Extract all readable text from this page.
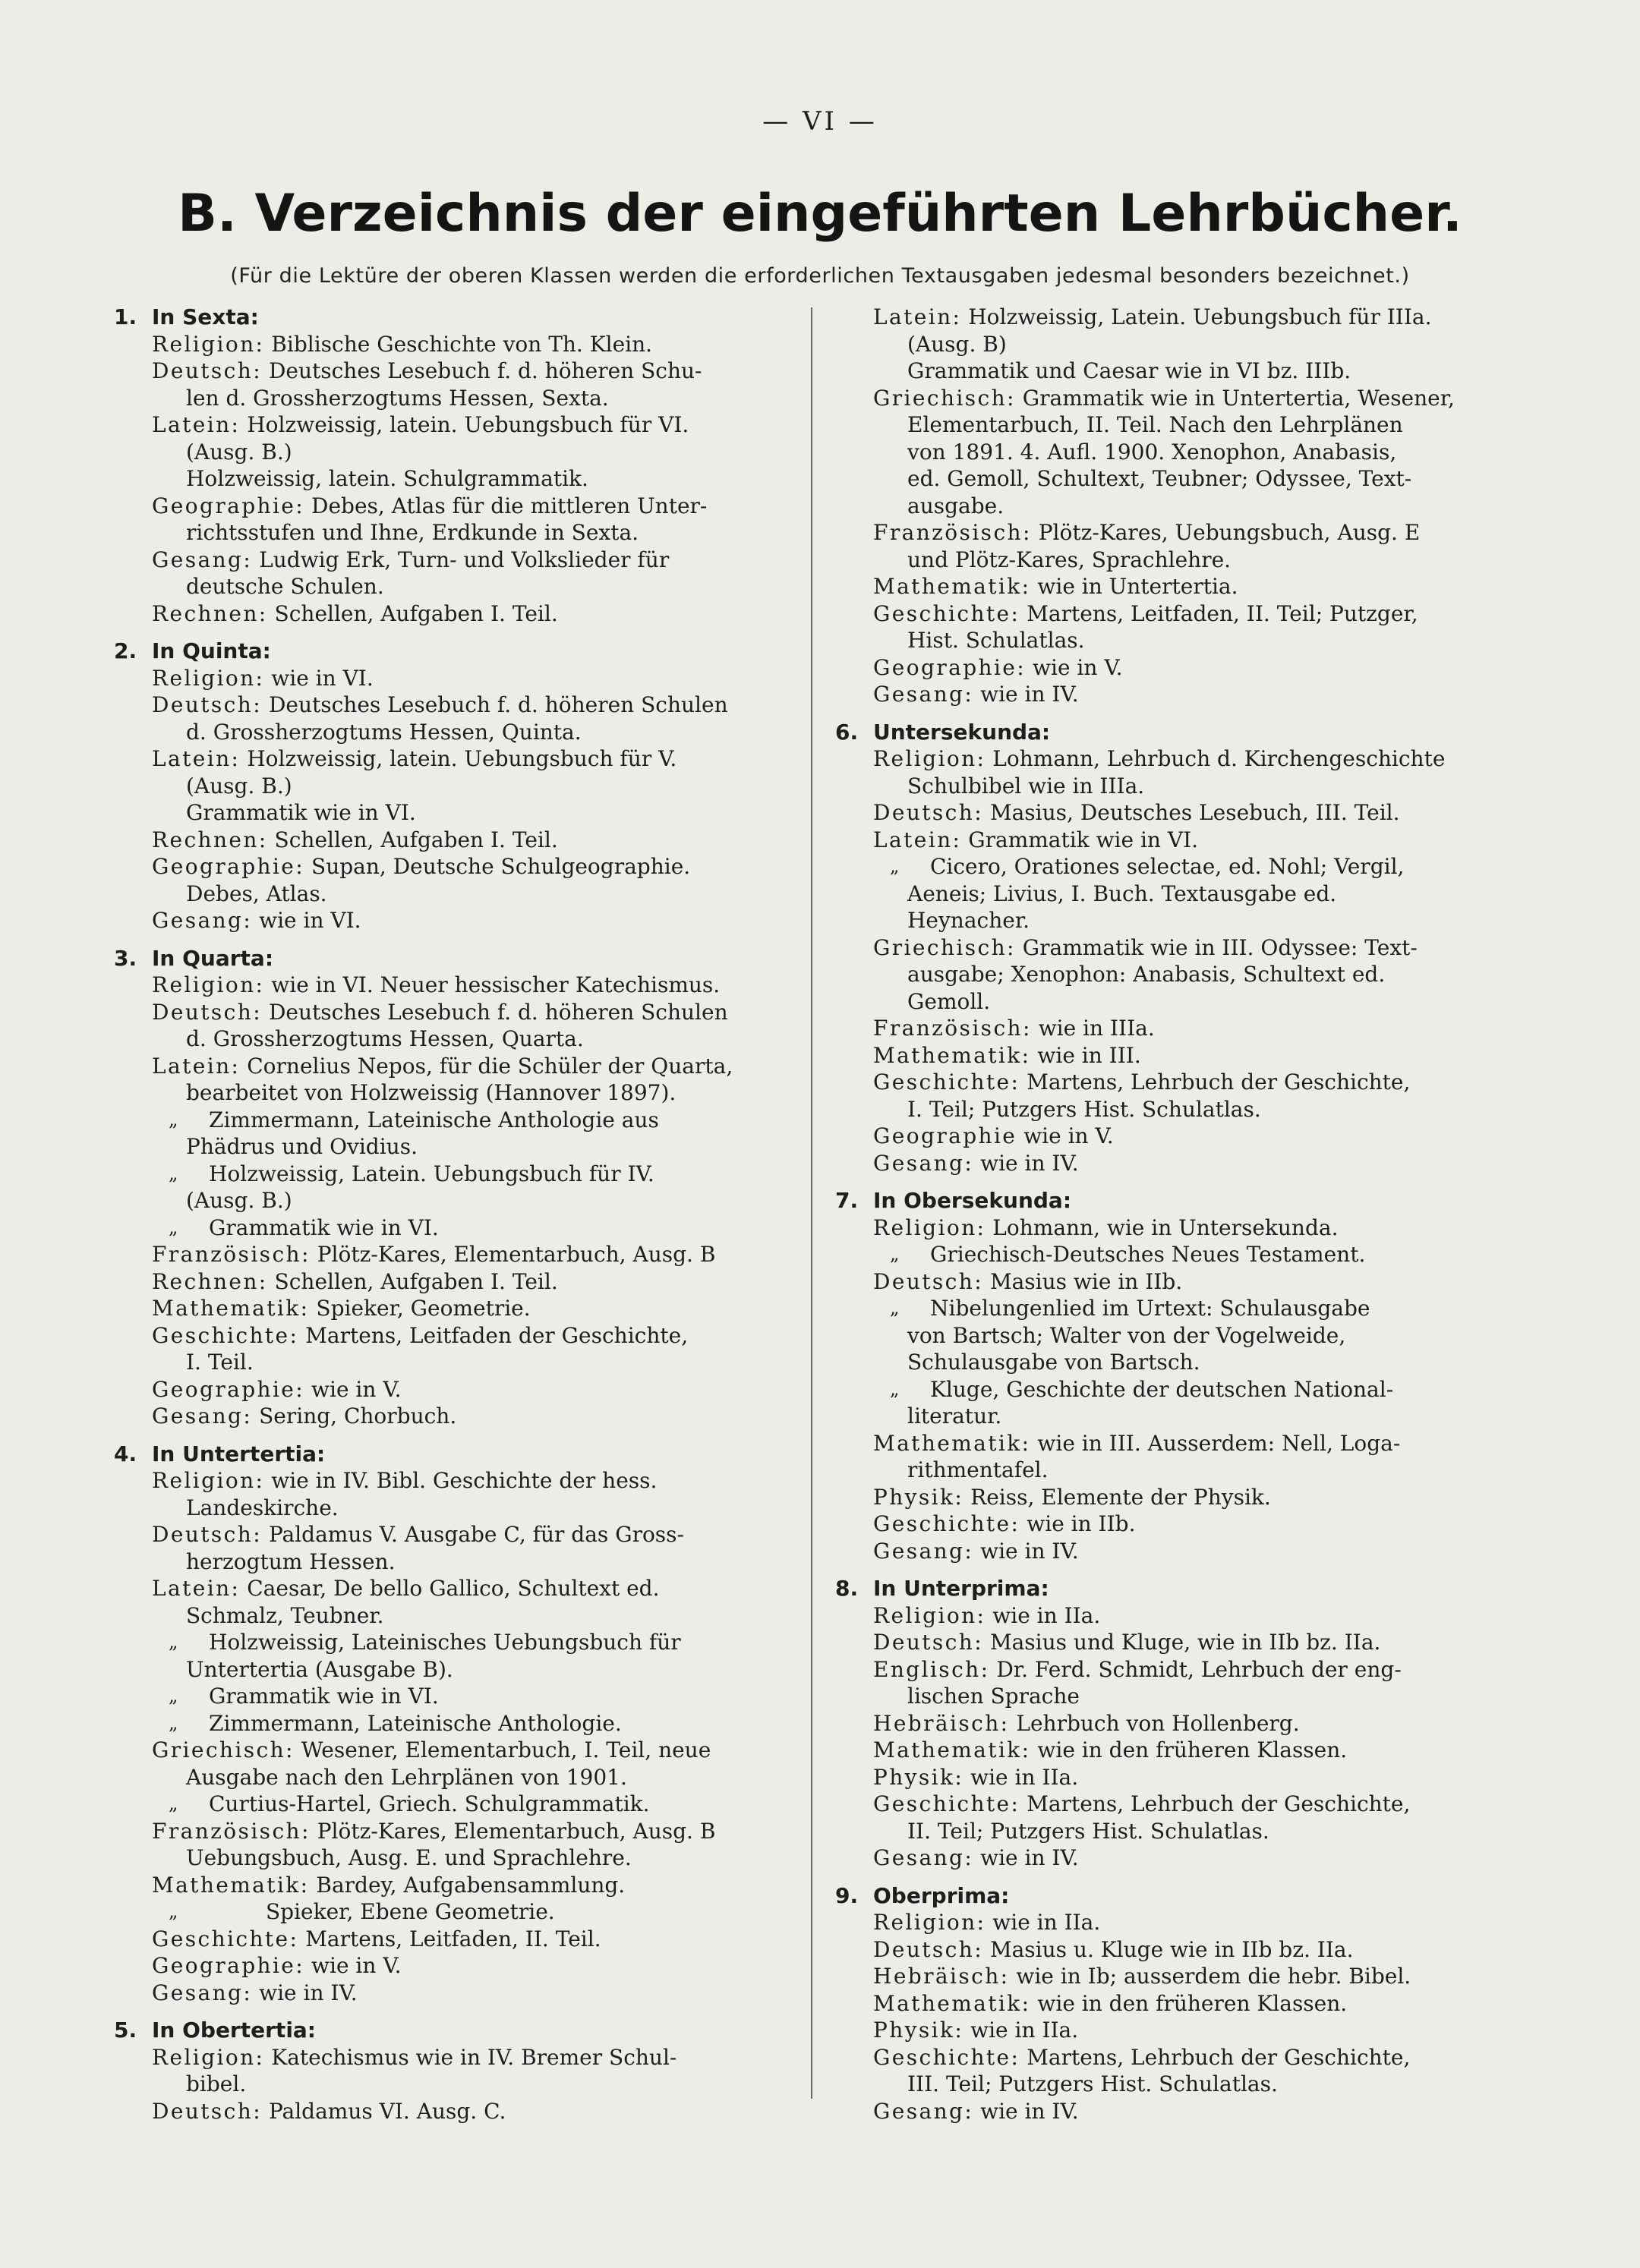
— VI —
B. Verzeichnis der eingeführten Lehrbücher.
(Für die Lektüre der oberen Klassen werden die erforderlichen Textausgaben jedesmal besonders bezeichnet.)
1. In Sexta:
Religion: Biblische Geschichte von Th. Klein.
Deutsch: Deutsches Lesebuch f. d. höheren Schu-
len d. Grossherzogtums Hessen, Sexta.
Latein: Holzweissig, latein. Uebungsbuch für VI.
(Ausg. B.)
Holzweissig, latein. Schulgrammatik.
Geographie: Debes, Atlas für die mittleren Unter-
richtsstufen und Ihne, Erdkunde in Sexta.
Gesang: Ludwig Erk, Turn- und Volkslieder für
deutsche Schulen.
Rechnen: Schellen, Aufgaben I. Teil.
2. In Quinta:
Religion: wie in VI.
Deutsch: Deutsches Lesebuch f. d. höheren Schulen
d. Grossherzogtums Hessen, Quinta.
Latein: Holzweissig, latein. Uebungsbuch für V.
(Ausg. B.)
Grammatik wie in VI.
Rechnen: Schellen, Aufgaben I. Teil.
Geographie: Supan, Deutsche Schulgeographie.
Debes, Atlas.
Gesang: wie in VI.
3. In Quarta:
Religion: wie in VI. Neuer hessischer Katechismus.
Deutsch: Deutsches Lesebuch f. d. höheren Schulen
d. Grossherzogtums Hessen, Quarta.
Latein: Cornelius Nepos, für die Schüler der Quarta,
bearbeitet von Holzweissig (Hannover 1897).
„ Zimmermann, Lateinische Anthologie aus
Phädrus und Ovidius.
„ Holzweissig, Latein. Uebungsbuch für IV.
(Ausg. B.)
„ Grammatik wie in VI.
Französisch: Plötz-Kares, Elementarbuch, Ausg. B
Rechnen: Schellen, Aufgaben I. Teil.
Mathematik: Spieker, Geometrie.
Geschichte: Martens, Leitfaden der Geschichte,
I. Teil.
Geographie: wie in V.
Gesang: Sering, Chorbuch.
4. In Untertertia:
Religion: wie in IV. Bibl. Geschichte der hess.
Landeskirche.
Deutsch: Paldamus V. Ausgabe C, für das Gross-
herzogtum Hessen.
Latein: Caesar, De bello Gallico, Schultext ed.
Schmalz, Teubner.
„ Holzweissig, Lateinisches Uebungsbuch für
Untertertia (Ausgabe B).
„ Grammatik wie in VI.
„ Zimmermann, Lateinische Anthologie.
Griechisch: Wesener, Elementarbuch, I. Teil, neue
Ausgabe nach den Lehrplänen von 1901.
„ Curtius-Hartel, Griech. Schulgrammatik.
Französisch: Plötz-Kares, Elementarbuch, Ausg. B
Uebungsbuch, Ausg. E. und Sprachlehre.
Mathematik: Bardey, Aufgabensammlung.
„	Spieker, Ebene Geometrie.
Geschichte: Martens, Leitfaden, II. Teil.
Geographie: wie in V.
Gesang: wie in IV.
5. In Obertertia:
Religion: Katechismus wie in IV. Bremer Schul-
bibel.
Deutsch: Paldamus VI. Ausg. C.
Latein: Holzweissig, Latein. Uebungsbuch für IIIa.
(Ausg. B)
Grammatik und Caesar wie in VI bz. IIIb.
Griechisch: Grammatik wie in Untertertia, Wesener,
Elementarbuch, II. Teil. Nach den Lehrplänen
von 1891. 4. Aufl. 1900. Xenophon, Anabasis,
ed. Gemoll, Schultext, Teubner; Odyssee, Text-
ausgabe.
Französisch: Plötz-Kares, Uebungsbuch, Ausg. E
und Plötz-Kares, Sprachlehre.
Mathematik: wie in Untertertia.
Geschichte: Martens, Leitfaden, II. Teil; Putzger,
Hist. Schulatlas.
Geographie: wie in V.
Gesang: wie in IV.
6. Untersekunda:
Religion: Lohmann, Lehrbuch d. Kirchengeschichte
Schulbibel wie in IIIa.
Deutsch: Masius, Deutsches Lesebuch, III. Teil.
Latein: Grammatik wie in VI.
„ Cicero, Orationes selectae, ed. Nohl; Vergil,
Aeneis; Livius, I. Buch. Textausgabe ed.
Heynacher.
Griechisch: Grammatik wie in III. Odyssee: Text-
ausgabe; Xenophon: Anabasis, Schultext ed.
Gemoll.
Französisch: wie in IIIa.
Mathematik: wie in III.
Geschichte: Martens, Lehrbuch der Geschichte,
I. Teil; Putzgers Hist. Schulatlas.
Geographie wie in V.
Gesang: wie in IV.
7. In Obersekunda:
Religion: Lohmann, wie in Untersekunda.
„ Griechisch-Deutsches Neues Testament.
Deutsch: Masius wie in IIb.
„ Nibelungenlied im Urtext: Schulausgabe
von Bartsch; Walter von der Vogelweide,
Schulausgabe von Bartsch.
„ Kluge, Geschichte der deutschen National-
literatur.
Mathematik: wie in III. Ausserdem: Nell, Loga-
rithmentafel.
Physik: Reiss, Elemente der Physik.
Geschichte: wie in IIb.
Gesang: wie in IV.
8. In Unterprima:
Religion: wie in IIa.
Deutsch: Masius und Kluge, wie in IIb bz. IIa.
Englisch: Dr. Ferd. Schmidt, Lehrbuch der eng-
lischen Sprache
Hebräisch: Lehrbuch von Hollenberg.
Mathematik: wie in den früheren Klassen.
Physik: wie in IIa.
Geschichte: Martens, Lehrbuch der Geschichte,
II. Teil; Putzgers Hist. Schulatlas.
Gesang: wie in IV.
9. Oberprima:
Religion: wie in IIa.
Deutsch: Masius u. Kluge wie in IIb bz. IIa.
Hebräisch: wie in Ib; ausserdem die hebr. Bibel.
Mathematik: wie in den früheren Klassen.
Physik: wie in IIa.
Geschichte: Martens, Lehrbuch der Geschichte,
III. Teil; Putzgers Hist. Schulatlas.
Gesang: wie in IV.
